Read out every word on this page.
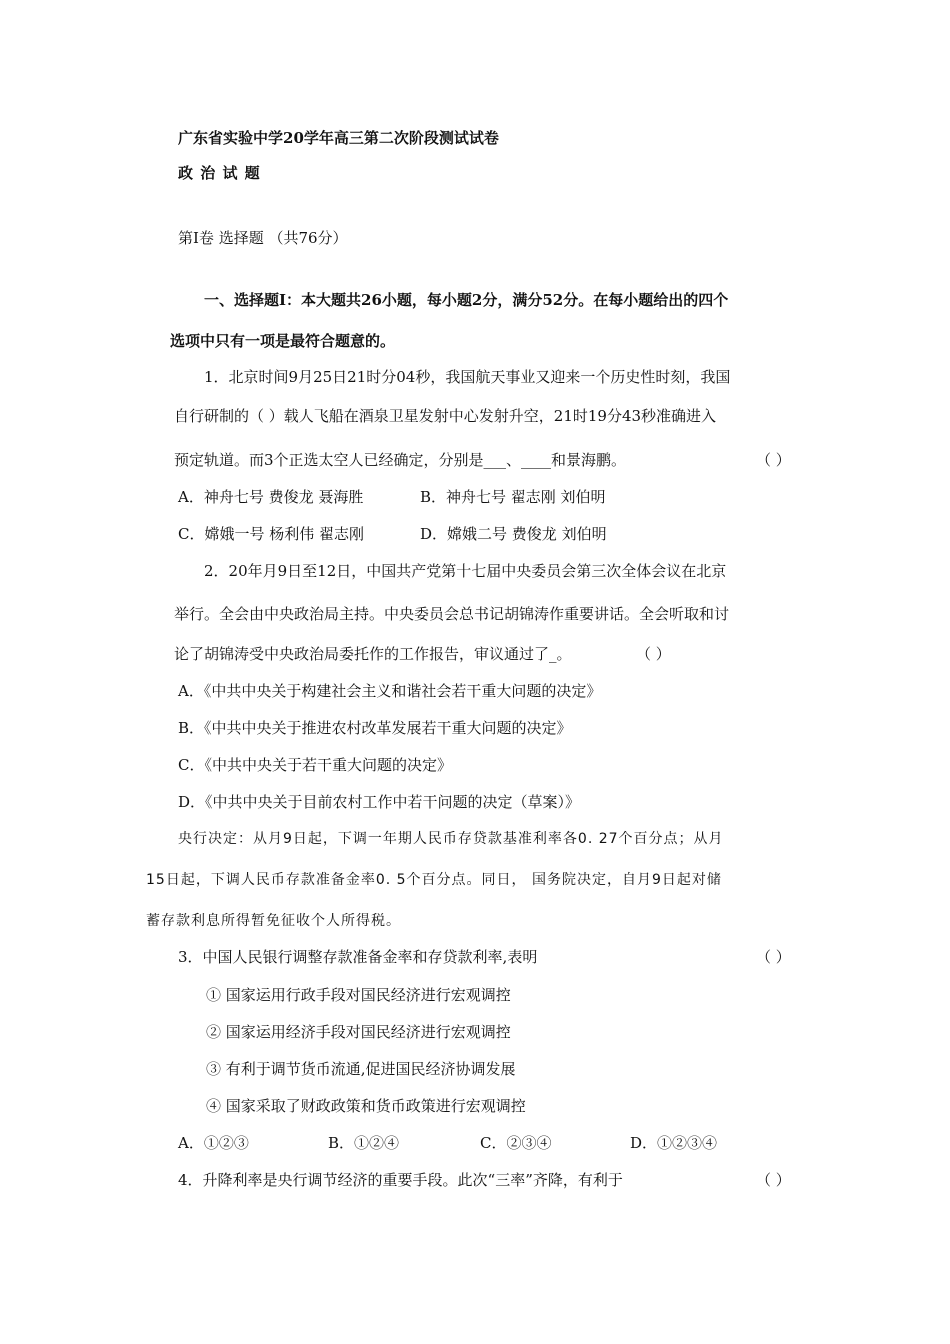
广东省实验中学20学年高三第二次阶段测试试卷
政 治 试 题
第Ⅰ卷 选择题 （共76分）
一、选择题Ⅰ：本大题共26小题，每小题2分，满分52分。在每小题给出的四个
选项中只有一项是最符合题意的。
1．北京时间9月25日21时分04秒，我国航天事业又迎来一个历史性时刻，我国
自行研制的（ ）载人飞船在酒泉卫星发射中心发射升空，21时19分43秒准确进入
预定轨道。而3个正选太空人已经确定，分别是___、____和景海鹏。	（ ）
A．神舟七号 费俊龙 聂海胜	B．神舟七号 翟志刚 刘伯明
C．嫦娥一号 杨利伟 翟志刚	D．嫦娥二号 费俊龙 刘伯明
2．20年月9日至12日，中国共产党第十七届中央委员会第三次全体会议在北京
举行。全会由中央政治局主持。中央委员会总书记胡锦涛作重要讲话。全会听取和讨
论了胡锦涛受中央政治局委托作的工作报告，审议通过了_。	（ ）
A．《中共中央关于构建社会主义和谐社会若干重大问题的决定》
B．《中共中央关于推进农村改革发展若干重大问题的决定》
C．《中共中央关于若干重大问题的决定》
D．《中共中央关于目前农村工作中若干问题的决定（草案）》
央行决定：从月9日起，下调一年期人民币存贷款基准利率各0. 27个百分点；从月
15日起，下调人民币存款准备金率0. 5个百分点。同日， 国务院决定，自月9日起对储
蓄存款利息所得暂免征收个人所得税。
3．中国人民银行调整存款准备金率和存贷款利率,表明	（ ）
① 国家运用行政手段对国民经济进行宏观调控
② 国家运用经济手段对国民经济进行宏观调控
③ 有利于调节货币流通,促进国民经济协调发展
④ 国家采取了财政政策和货币政策进行宏观调控
A．①②③	B．①②④	C．②③④	D．①②③④
4．升降利率是央行调节经济的重要手段。此次“三率”齐降，有利于	（ ）
